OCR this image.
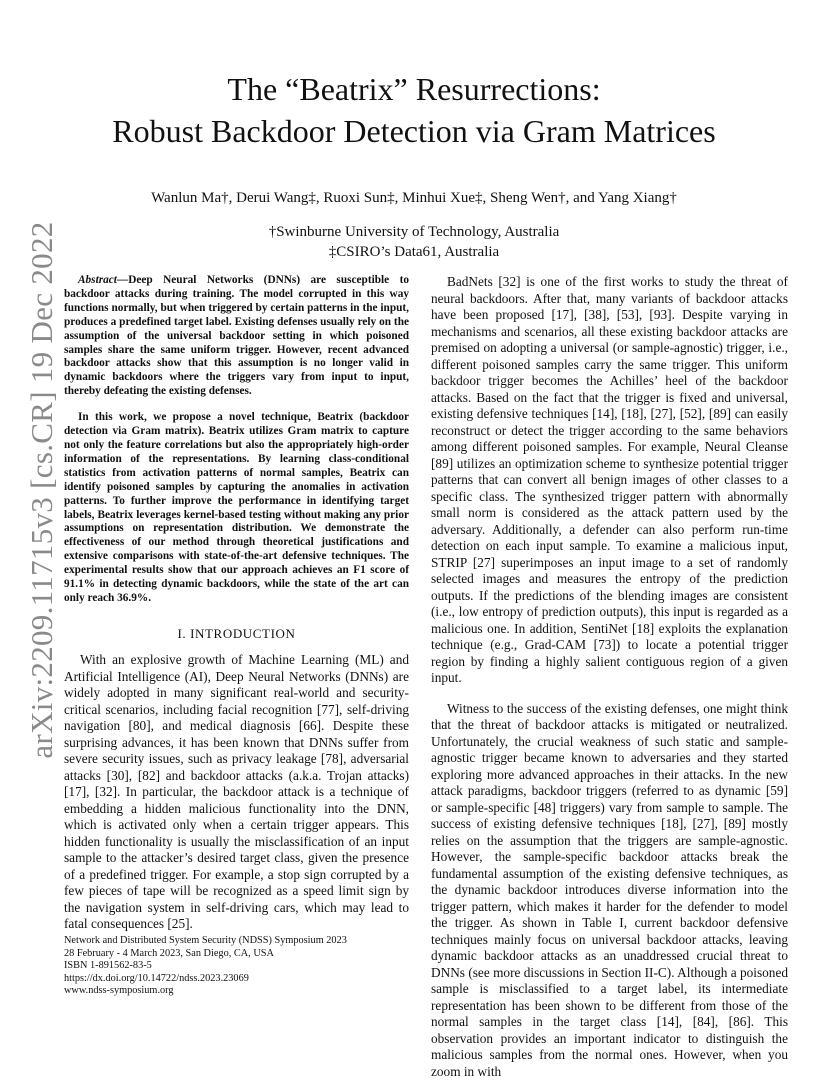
arXiv:2209.11715v3 [cs.CR] 19 Dec 2022
The “Beatrix” Resurrections:
Robust Backdoor Detection via Gram Matrices
Wanlun Ma†, Derui Wang‡, Ruoxi Sun‡, Minhui Xue‡, Sheng Wen†, and Yang Xiang†
†Swinburne University of Technology, Australia
‡CSIRO’s Data61, Australia

Abstract—Deep Neural Networks (DNNs) are susceptible to backdoor attacks during training. The model corrupted in this way functions normally, but when triggered by certain patterns in the input, produces a predefined target label. Existing defenses usually rely on the assumption of the universal backdoor setting in which poisoned samples share the same uniform trigger. However, recent advanced backdoor attacks show that this assumption is no longer valid in dynamic backdoors where the triggers vary from input to input, thereby defeating the existing defenses.

In this work, we propose a novel technique, Beatrix (backdoor detection via Gram matrix). Beatrix utilizes Gram matrix to capture not only the feature correlations but also the appropriately high-order information of the representations. By learning class-conditional statistics from activation patterns of normal samples, Beatrix can identify poisoned samples by capturing the anomalies in activation patterns. To further improve the performance in identifying target labels, Beatrix leverages kernel-based testing without making any prior assumptions on representation distribution. We demonstrate the effectiveness of our method through theoretical justifications and extensive comparisons with state-of-the-art defensive techniques. The experimental results show that our approach achieves an F1 score of 91.1% in detecting dynamic backdoors, while the state of the art can only reach 36.9%.

I. INTRODUCTION

With an explosive growth of Machine Learning (ML) and Artificial Intelligence (AI), Deep Neural Networks (DNNs) are widely adopted in many significant real-world and security-critical scenarios, including facial recognition [77], self-driving navigation [80], and medical diagnosis [66]. Despite these surprising advances, it has been known that DNNs suffer from severe security issues, such as privacy leakage [78], adversarial attacks [30], [82] and backdoor attacks (a.k.a. Trojan attacks) [17], [32]. In particular, the backdoor attack is a technique of embedding a hidden malicious functionality into the DNN, which is activated only when a certain trigger appears. This hidden functionality is usually the misclassification of an input sample to the attacker’s desired target class, given the presence of a predefined trigger. For example, a stop sign corrupted by a few pieces of tape will be recognized as a speed limit sign by the navigation system in self-driving cars, which may lead to fatal consequences [25].

BadNets [32] is one of the first works to study the threat of neural backdoors. After that, many variants of backdoor attacks have been proposed [17], [38], [53], [93]. Despite varying in mechanisms and scenarios, all these existing backdoor attacks are premised on adopting a universal (or sample-agnostic) trigger, i.e., different poisoned samples carry the same trigger. This uniform backdoor trigger becomes the Achilles’ heel of the backdoor attacks. Based on the fact that the trigger is fixed and universal, existing defensive techniques [14], [18], [27], [52], [89] can easily reconstruct or detect the trigger according to the same behaviors among different poisoned samples. For example, Neural Cleanse [89] utilizes an optimization scheme to synthesize potential trigger patterns that can convert all benign images of other classes to a specific class. The synthesized trigger pattern with abnormally small norm is considered as the attack pattern used by the adversary. Additionally, a defender can also perform run-time detection on each input sample. To examine a malicious input, STRIP [27] superimposes an input image to a set of randomly selected images and measures the entropy of the prediction outputs. If the predictions of the blending images are consistent (i.e., low entropy of prediction outputs), this input is regarded as a malicious one. In addition, SentiNet [18] exploits the explanation technique (e.g., Grad-CAM [73]) to locate a potential trigger region by finding a highly salient contiguous region of a given input.

Witness to the success of the existing defenses, one might think that the threat of backdoor attacks is mitigated or neutralized. Unfortunately, the crucial weakness of such static and sample-agnostic trigger became known to adversaries and they started exploring more advanced approaches in their attacks. In the new attack paradigms, backdoor triggers (referred to as dynamic [59] or sample-specific [48] triggers) vary from sample to sample. The success of existing defensive techniques [18], [27], [89] mostly relies on the assumption that the triggers are sample-agnostic. However, the sample-specific backdoor attacks break the fundamental assumption of the existing defensive techniques, as the dynamic backdoor introduces diverse information into the trigger pattern, which makes it harder for the defender to model the trigger. As shown in Table I, current backdoor defensive techniques mainly focus on universal backdoor attacks, leaving dynamic backdoor attacks as an unaddressed crucial threat to DNNs (see more discussions in Section II-C). Although a poisoned sample is misclassified to a target label, its intermediate representation has been shown to be different from those of the normal samples in the target class [14], [84], [86]. This observation provides an important indicator to distinguish the malicious samples from the normal ones. However, when you zoom in with

Network and Distributed System Security (NDSS) Symposium 2023
28 February - 4 March 2023, San Diego, CA, USA
ISBN 1-891562-83-5
https://dx.doi.org/10.14722/ndss.2023.23069
www.ndss-symposium.org
